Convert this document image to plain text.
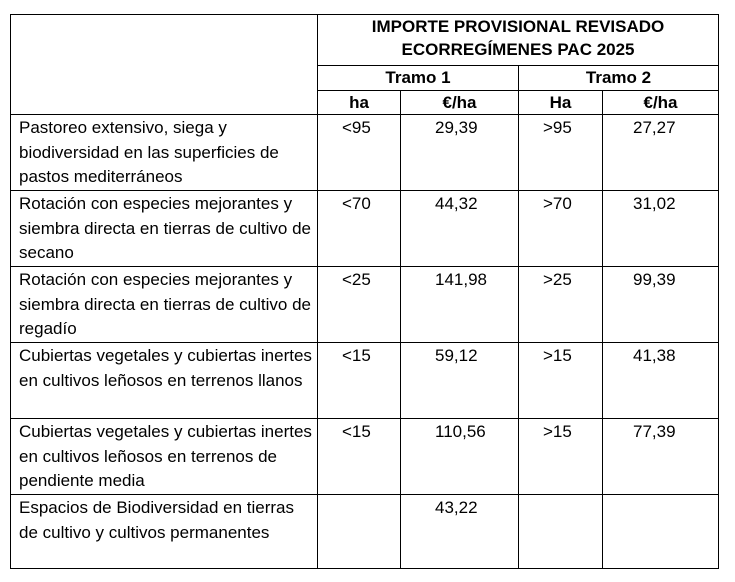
	IMPORTE PROVISIONAL REVISADO ECORREGÍMENES PAC 2025			
	Tramo 1		Tramo 2	
	ha	€/ha	Ha	€/ha
Pastoreo extensivo, siega y biodiversidad en las superficies de pastos mediterráneos	<95	29,39	>95	27,27
Rotación con especies mejorantes y siembra directa en tierras de cultivo de secano	<70	44,32	>70	31,02
Rotación con especies mejorantes y siembra directa en tierras de cultivo de regadío	<25	141,98	>25	99,39
Cubiertas vegetales y cubiertas inertes en cultivos leñosos en terrenos llanos	<15	59,12	>15	41,38
Cubiertas vegetales y cubiertas inertes en cultivos leñosos en terrenos de pendiente media	<15	110,56	>15	77,39
Espacios de Biodiversidad en tierras de cultivo y cultivos permanentes		43,22		
